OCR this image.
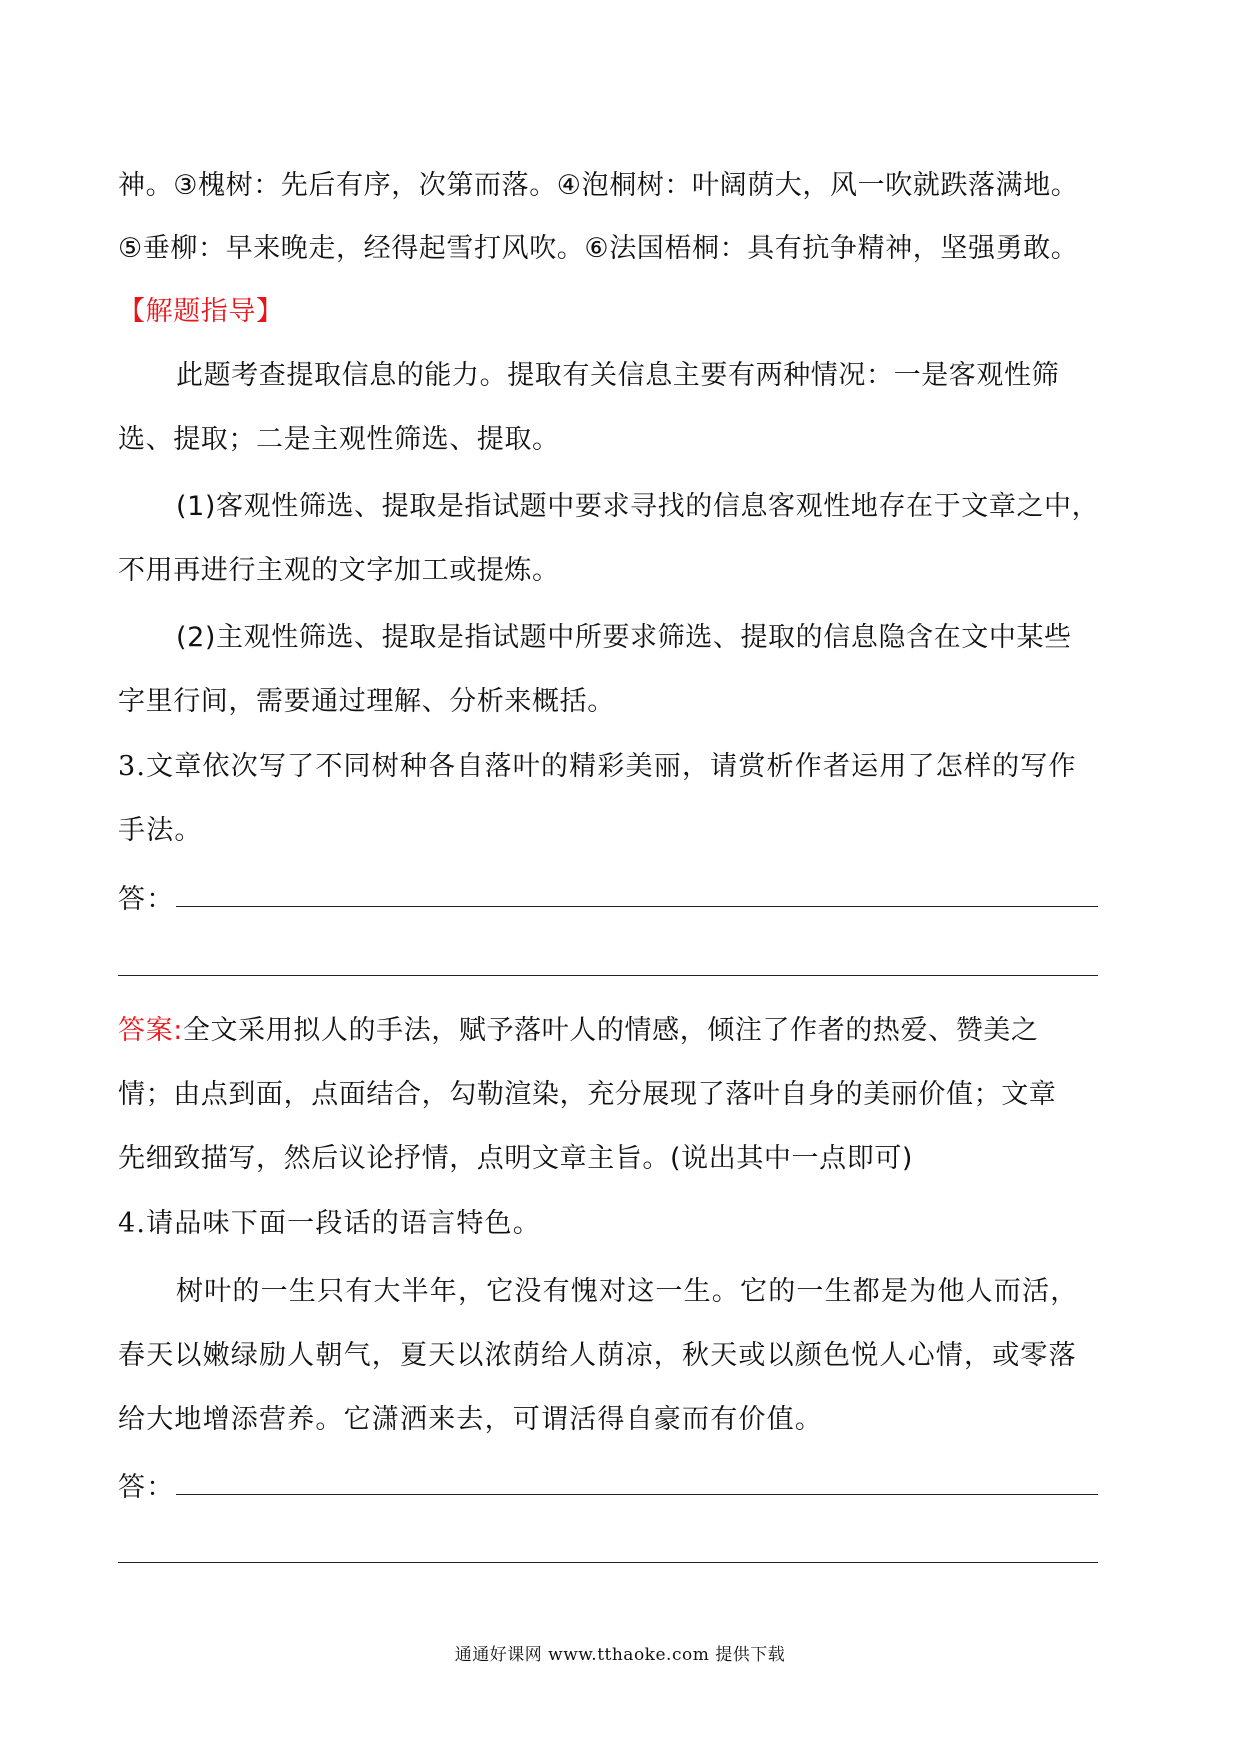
神。③槐树：先后有序，次第而落。④泡桐树：叶阔荫大，风一吹就跌落满地。
⑤垂柳：早来晚走，经得起雪打风吹。⑥法国梧桐：具有抗争精神，坚强勇敢。
【解题指导】
此题考查提取信息的能力。提取有关信息主要有两种情况：一是客观性筛
选、提取；二是主观性筛选、提取。
(1)客观性筛选、提取是指试题中要求寻找的信息客观性地存在于文章之中，
不用再进行主观的文字加工或提炼。
(2)主观性筛选、提取是指试题中所要求筛选、提取的信息隐含在文中某些
字里行间，需要通过理解、分析来概括。
3.文章依次写了不同树种各自落叶的精彩美丽，请赏析作者运用了怎样的写作
手法。
答：
答案:全文采用拟人的手法，赋予落叶人的情感，倾注了作者的热爱、赞美之
情；由点到面，点面结合，勾勒渲染，充分展现了落叶自身的美丽价值；文章
先细致描写，然后议论抒情，点明文章主旨。(说出其中一点即可)
4.请品味下面一段话的语言特色。
树叶的一生只有大半年，它没有愧对这一生。它的一生都是为他人而活，
春天以嫩绿励人朝气，夏天以浓荫给人荫凉，秋天或以颜色悦人心情，或零落
给大地增添营养。它潇洒来去，可谓活得自豪而有价值。
答：
通通好课网 www.tthaoke.com 提供下载
